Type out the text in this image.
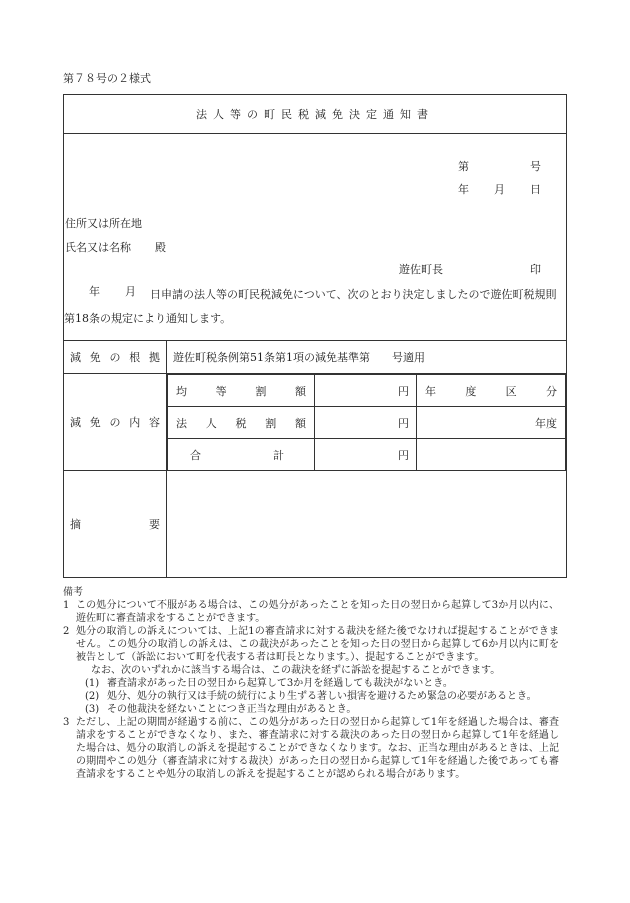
第７８号の２様式
法人等の町民税減免決定通知書

第	号
年 月 日
住所又は所在地
氏名又は名称 殿
遊佐町長	印
年 月	日申請の法人等の町民税減免について、次のとおり決定しましたので遊佐町税規則第18条の規定により通知します。

減免の根拠	遊佐町税条例第51条第1項の減免基準第　　号適用
減免の内容	
均等割額	円	年度区分
法人税割額	円	年度
合計	円	

摘要	

備考

1 この処分について不服がある場合は、この処分があったことを知った日の翌日から起算して3か月以内に、遊佐町に審査請求をすることができます。
2 処分の取消しの訴えについては、上記1の審査請求に対する裁決を経た後でなければ提起することができません。この処分の取消しの訴えは、この裁決があったことを知った日の翌日から起算して6か月以内に町を被告として（訴訟において町を代表する者は町長となります。）、提起することができます。

なお、次のいずれかに該当する場合は、この裁決を経ずに訴訟を提起することができます。

(1) 審査請求があった日の翌日から起算して3か月を経過しても裁決がないとき。
(2) 処分、処分の執行又は手続の続行により生ずる著しい損害を避けるため緊急の必要があるとき。
(3) その他裁決を経ないことにつき正当な理由があるとき。
3 ただし、上記の期間が経過する前に、この処分があった日の翌日から起算して1年を経過した場合は、審査請求をすることができなくなり、また、審査請求に対する裁決のあった日の翌日から起算して1年を経過した場合は、処分の取消しの訴えを提起することができなくなります。なお、正当な理由があるときは、上記の期間やこの処分（審査請求に対する裁決）があった日の翌日から起算して1年を経過した後であっても審査請求をすることや処分の取消しの訴えを提起することが認められる場合があります。
